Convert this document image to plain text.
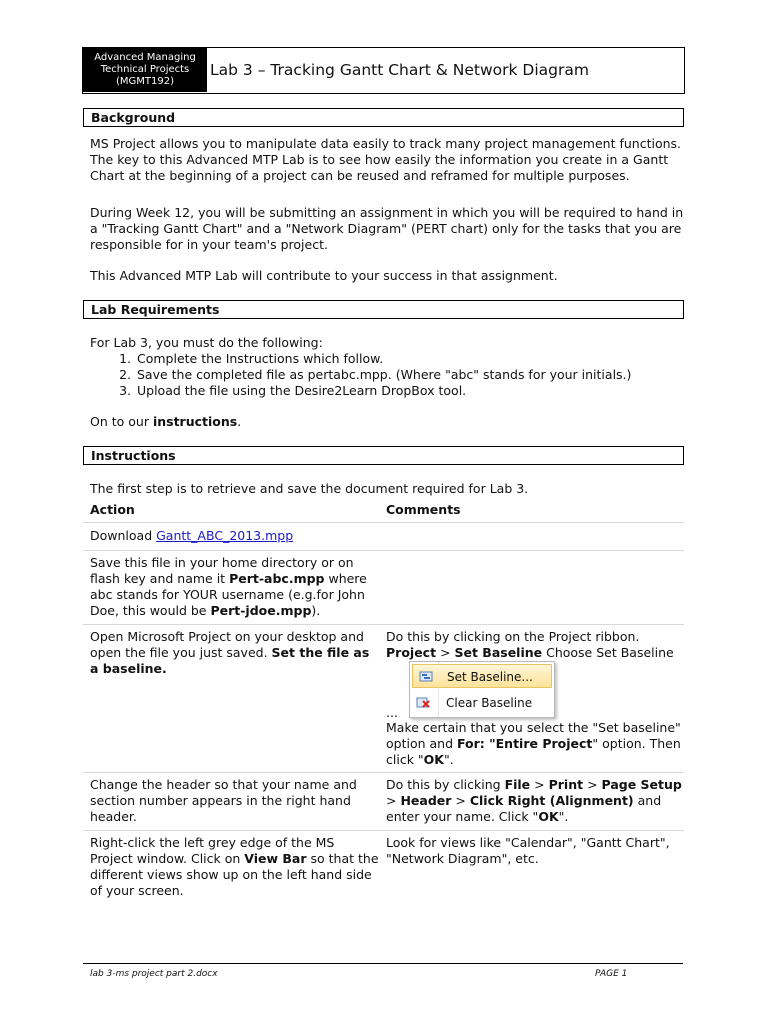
Advanced Managing
Technical Projects
(MGMT192)
Lab 3 – Tracking Gantt Chart & Network Diagram
Background
MS Project allows you to manipulate data easily to track many project management functions. The key to this Advanced MTP Lab is to see how easily the information you create in a Gantt Chart at the beginning of a project can be reused and reframed for multiple purposes.
During Week 12, you will be submitting an assignment in which you will be required to hand in a "Tracking Gantt Chart" and a "Network Diagram" (PERT chart) only for the tasks that you are responsible for in your team's project.
This Advanced MTP Lab will contribute to your success in that assignment.
Lab Requirements
For Lab 3, you must do the following:
1. Complete the Instructions which follow.
2. Save the completed file as pertabc.mpp. (Where "abc" stands for your initials.)
3. Upload the file using the Desire2Learn DropBox tool.
On to our instructions.
Instructions
The first step is to retrieve and save the document required for Lab 3.
Action	Comments
Download Gantt_ABC_2013.mpp
Save this file in your home directory or on flash key and name it Pert-abc.mpp where abc stands for YOUR username (e.g.for John Doe, this would be Pert-jdoe.mpp).
Open Microsoft Project on your desktop and open the file you just saved. Set the file as a baseline.
Do this by clicking on the Project ribbon.
Project > Set Baseline Choose Set Baseline
Set Baseline...
Clear Baseline
...
Make certain that you select the "Set baseline" option and For: "Entire Project" option. Then click "OK".
Change the header so that your name and section number appears in the right hand header.
Do this by clicking File > Print > Page Setup > Header > Click Right (Alignment) and enter your name. Click "OK".
Right-click the left grey edge of the MS Project window. Click on View Bar so that the different views show up on the left hand side of your screen.
Look for views like "Calendar", "Gantt Chart", "Network Diagram", etc.
lab 3-ms project part 2.docx	PAGE 1
